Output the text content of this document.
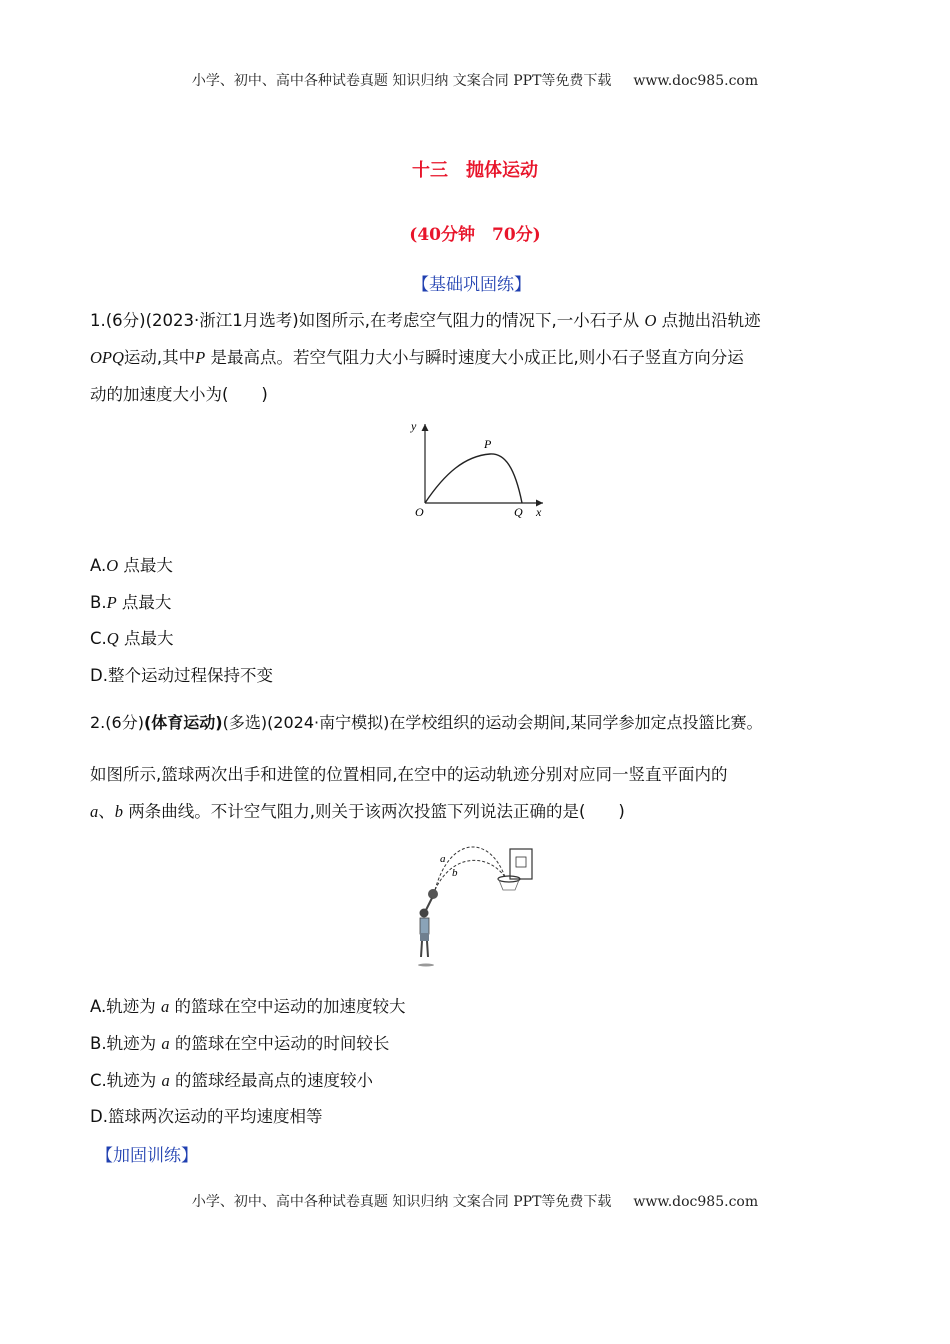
小学、初中、高中各种试卷真题 知识归纳 文案合同 PPT等免费下载 www.doc985.com
十三　抛体运动
(40分钟　70分)
【基础巩固练】
1.(6分)(2023·浙江1月选考)如图所示,在考虑空气阻力的情况下,一小石子从 O 点抛出沿轨迹
OPQ运动,其中P 是最高点。若空气阻力大小与瞬时速度大小成正比,则小石子竖直方向分运
动的加速度大小为(　　)
y
x
O
P
Q
A.O 点最大
B.P 点最大
C.Q 点最大
D.整个运动过程保持不变
2.(6分)(体育运动)(多选)(2024·南宁模拟)在学校组织的运动会期间,某同学参加定点投篮比赛。
如图所示,篮球两次出手和进筐的位置相同,在空中的运动轨迹分别对应同一竖直平面内的
a、b 两条曲线。不计空气阻力,则关于该两次投篮下列说法正确的是(　　)
a
b
A.轨迹为 a 的篮球在空中运动的加速度较大
B.轨迹为 a 的篮球在空中运动的时间较长
C.轨迹为 a 的篮球经最高点的速度较小
D.篮球两次运动的平均速度相等
【加固训练】
小学、初中、高中各种试卷真题 知识归纳 文案合同 PPT等免费下载 www.doc985.com
